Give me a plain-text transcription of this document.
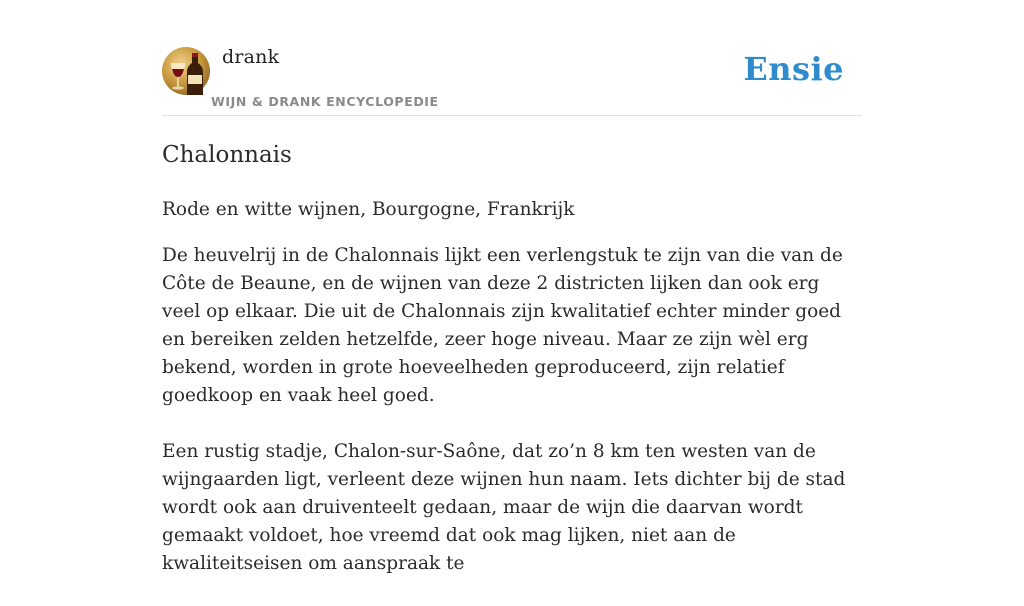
drank
WIJN & DRANK ENCYCLOPEDIE
Ensie
Chalonnais
Rode en witte wijnen, Bourgogne, Frankrijk

De heuvelrij in de Chalonnais lijkt een verlengstuk te zijn van die van de Côte de Beaune, en de wijnen van deze 2 districten lijken dan ook erg veel op elkaar. Die uit de Chalonnais zijn kwalitatief echter minder goed en bereiken zelden hetzelfde, zeer hoge niveau. Maar ze zijn wèl erg bekend, worden in grote hoeveelheden geproduceerd, zijn relatief goedkoop en vaak heel goed.

Een rustig stadje, Chalon-sur-Saône, dat zo’n 8 km ten westen van de wijngaarden ligt, verleent deze wijnen hun naam. Iets dichter bij de stad wordt ook aan druiventeelt gedaan, maar de wijn die daarvan wordt gemaakt voldoet, hoe vreemd dat ook mag lijken, niet aan de kwaliteitseisen om aanspraak te
